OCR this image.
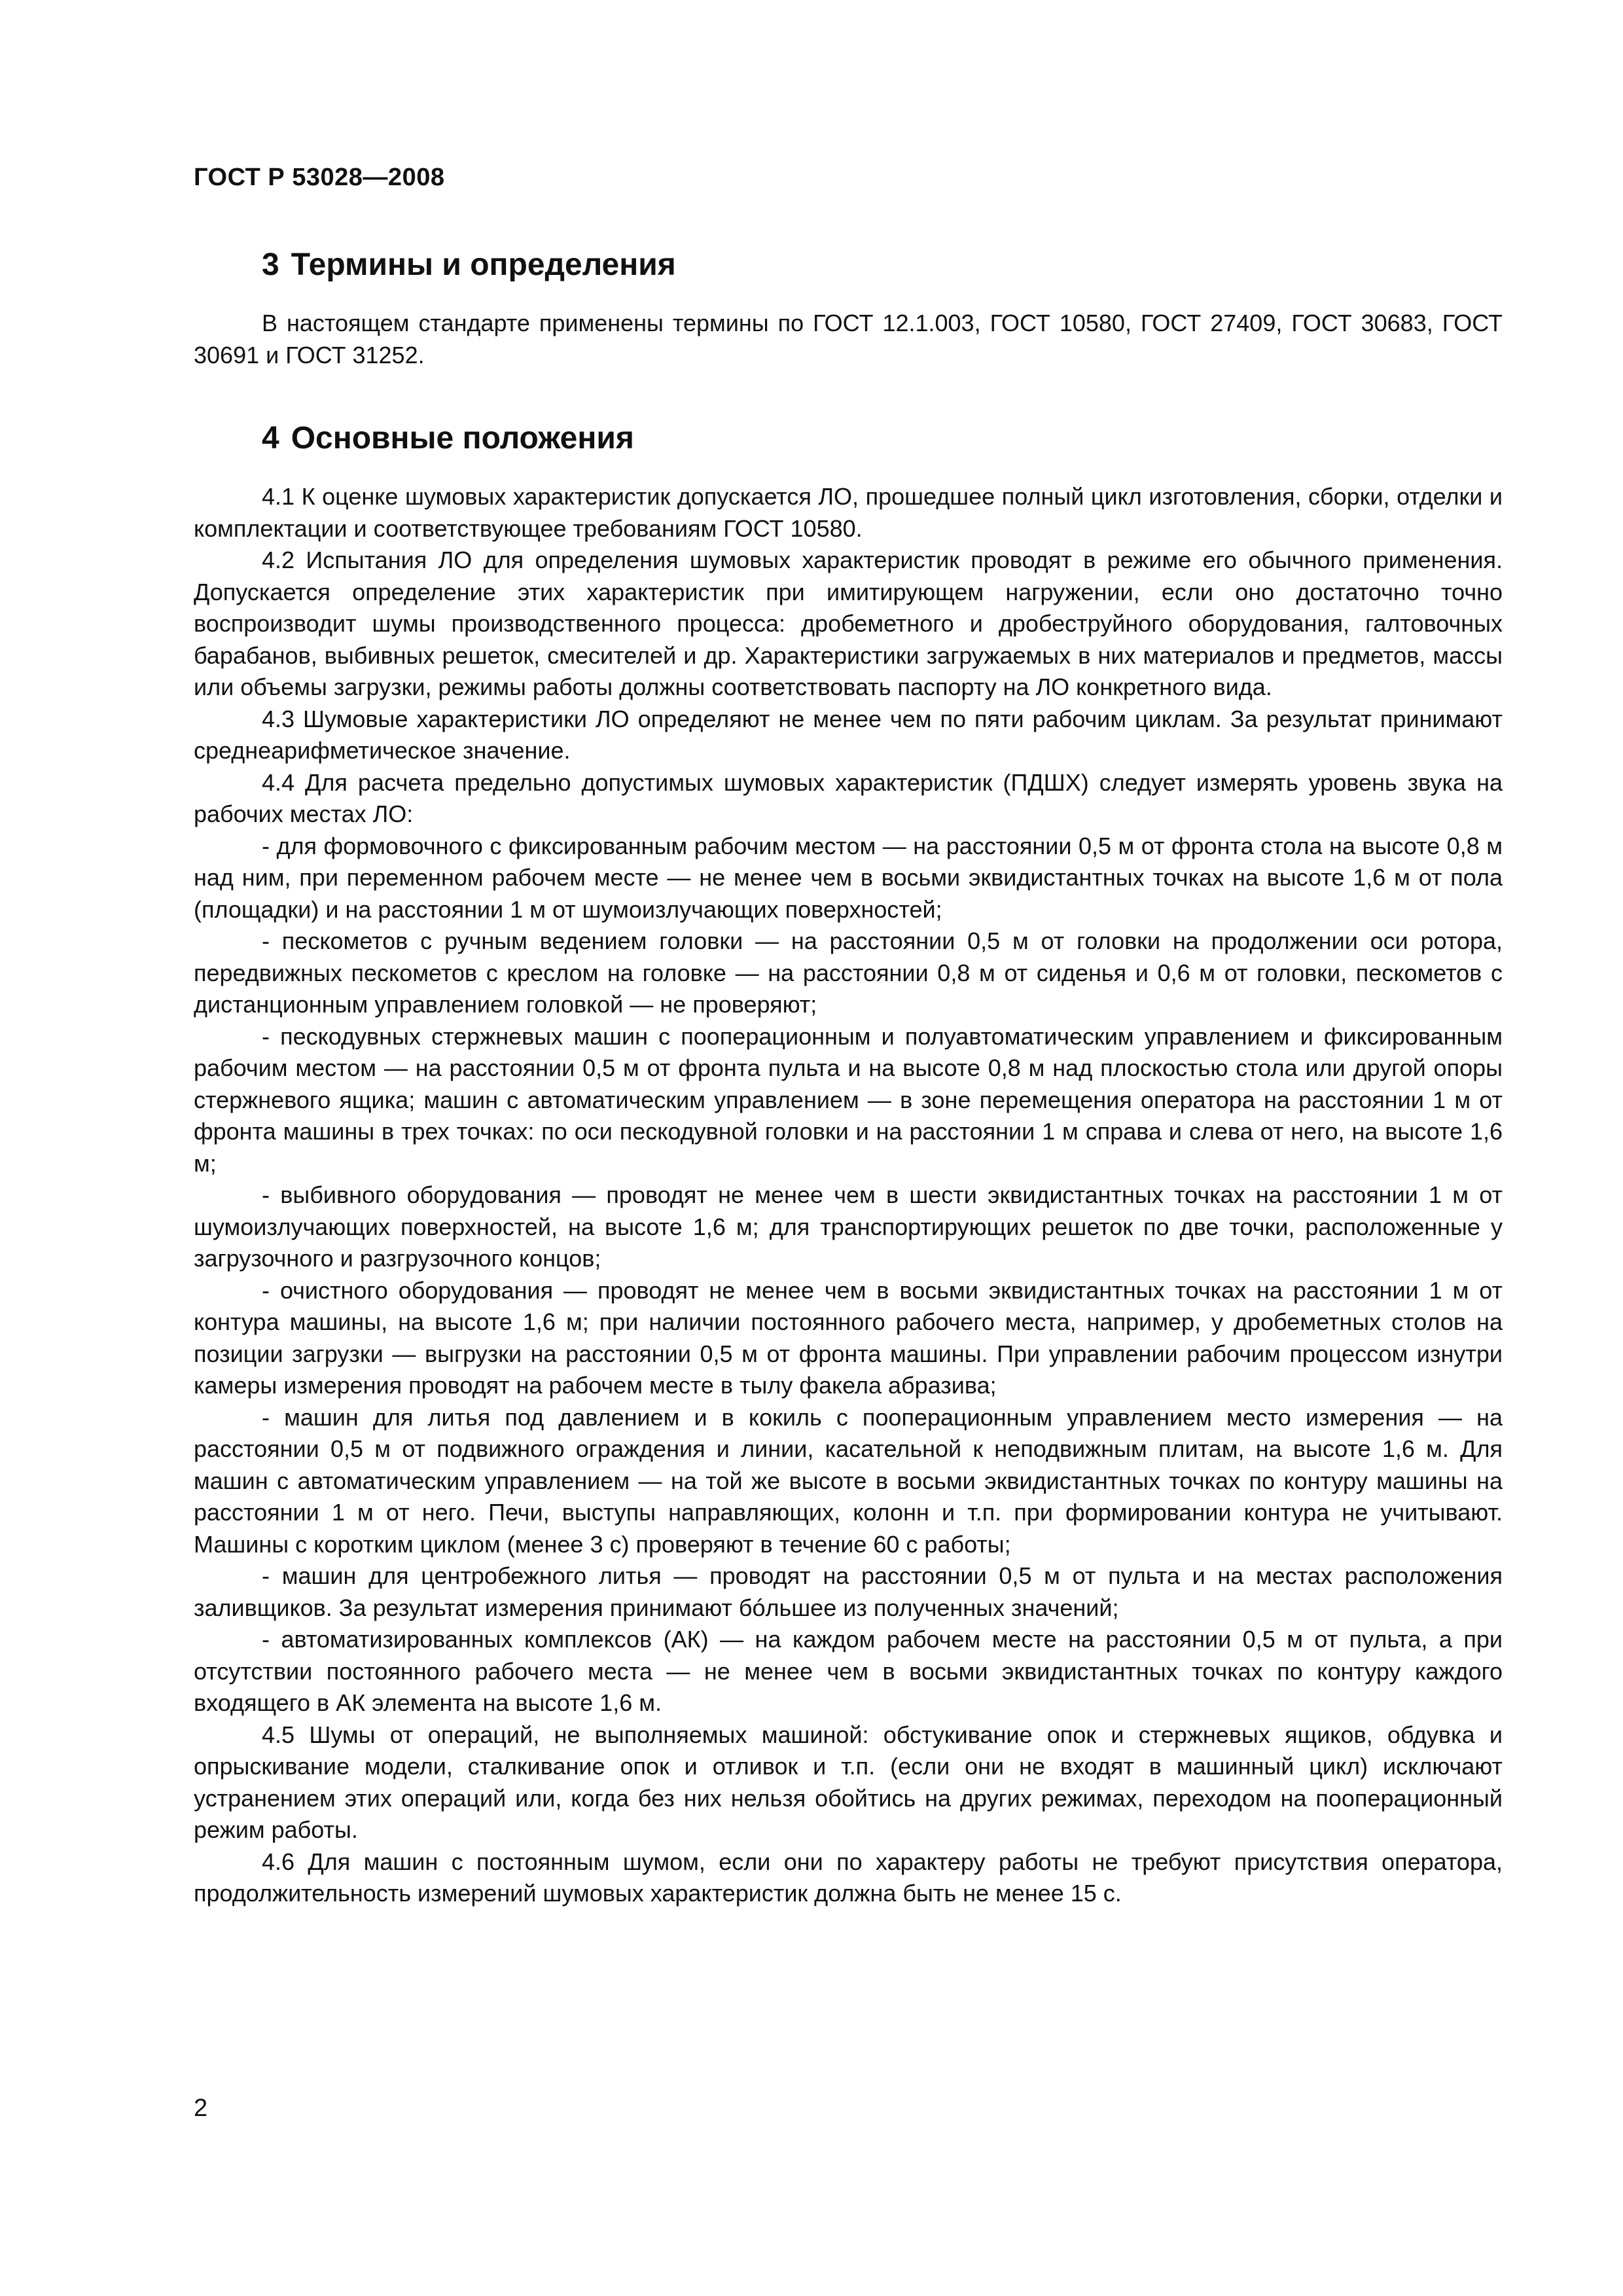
ГОСТ Р 53028—2008
3 Термины и определения

В настоящем стандарте применены термины по ГОСТ 12.1.003, ГОСТ 10580, ГОСТ 27409, ГОСТ 30683, ГОСТ 30691 и ГОСТ 31252.

4 Основные положения

4.1 К оценке шумовых характеристик допускается ЛО, прошедшее полный цикл изготовления, сборки, отделки и комплектации и соответствующее требованиям ГОСТ 10580.

4.2 Испытания ЛО для определения шумовых характеристик проводят в режиме его обычного применения. Допускается определение этих характеристик при имитирующем нагружении, если оно достаточно точно воспроизводит шумы производственного процесса: дробеметного и дробеструйного оборудования, галтовочных барабанов, выбивных решеток, смесителей и др. Характеристики загружаемых в них материалов и предметов, массы или объемы загрузки, режимы работы должны соответствовать паспорту на ЛО конкретного вида.

4.3 Шумовые характеристики ЛО определяют не менее чем по пяти рабочим циклам. За результат принимают среднеарифметическое значение.

4.4 Для расчета предельно допустимых шумовых характеристик (ПДШХ) следует измерять уровень звука на рабочих местах ЛО:

- для формовочного с фиксированным рабочим местом — на расстоянии 0,5 м от фронта стола на высоте 0,8 м над ним, при переменном рабочем месте — не менее чем в восьми эквидистантных точках на высоте 1,6 м от пола (площадки) и на расстоянии 1 м от шумоизлучающих поверхностей;

- пескометов с ручным ведением головки — на расстоянии 0,5 м от головки на продолжении оси ротора, передвижных пескометов с креслом на головке — на расстоянии 0,8 м от сиденья и 0,6 м от головки, пескометов с дистанционным управлением головкой — не проверяют;

- пескодувных стержневых машин с пооперационным и полуавтоматическим управлением и фиксированным рабочим местом — на расстоянии 0,5 м от фронта пульта и на высоте 0,8 м над плоскостью стола или другой опоры стержневого ящика; машин с автоматическим управлением — в зоне перемещения оператора на расстоянии 1 м от фронта машины в трех точках: по оси пескодувной головки и на расстоянии 1 м справа и слева от него, на высоте 1,6 м;

- выбивного оборудования — проводят не менее чем в шести эквидистантных точках на расстоянии 1 м от шумоизлучающих поверхностей, на высоте 1,6 м; для транспортирующих решеток по две точки, расположенные у загрузочного и разгрузочного концов;

- очистного оборудования — проводят не менее чем в восьми эквидистантных точках на расстоянии 1 м от контура машины, на высоте 1,6 м; при наличии постоянного рабочего места, например, у дробеметных столов на позиции загрузки — выгрузки на расстоянии 0,5 м от фронта машины. При управлении рабочим процессом изнутри камеры измерения проводят на рабочем месте в тылу факела абразива;

- машин для литья под давлением и в кокиль с пооперационным управлением место измерения — на расстоянии 0,5 м от подвижного ограждения и линии, касательной к неподвижным плитам, на высоте 1,6 м. Для машин с автоматическим управлением — на той же высоте в восьми эквидистантных точках по контуру машины на расстоянии 1 м от него. Печи, выступы направляющих, колонн и т.п. при формировании контура не учитывают. Машины с коротким циклом (менее 3 с) проверяют в течение 60 с работы;

- машин для центробежного литья — проводят на расстоянии 0,5 м от пульта и на местах расположения заливщиков. За результат измерения принимают бóльшее из полученных значений;

- автоматизированных комплексов (АК) — на каждом рабочем месте на расстоянии 0,5 м от пульта, а при отсутствии постоянного рабочего места — не менее чем в восьми эквидистантных точках по контуру каждого входящего в АК элемента на высоте 1,6 м.

4.5 Шумы от операций, не выполняемых машиной: обстукивание опок и стержневых ящиков, обдувка и опрыскивание модели, сталкивание опок и отливок и т.п. (если они не входят в машинный цикл) исключают устранением этих операций или, когда без них нельзя обойтись на других режимах, переходом на пооперационный режим работы.

4.6 Для машин с постоянным шумом, если они по характеру работы не требуют присутствия оператора, продолжительность измерений шумовых характеристик должна быть не менее 15 с.

2
